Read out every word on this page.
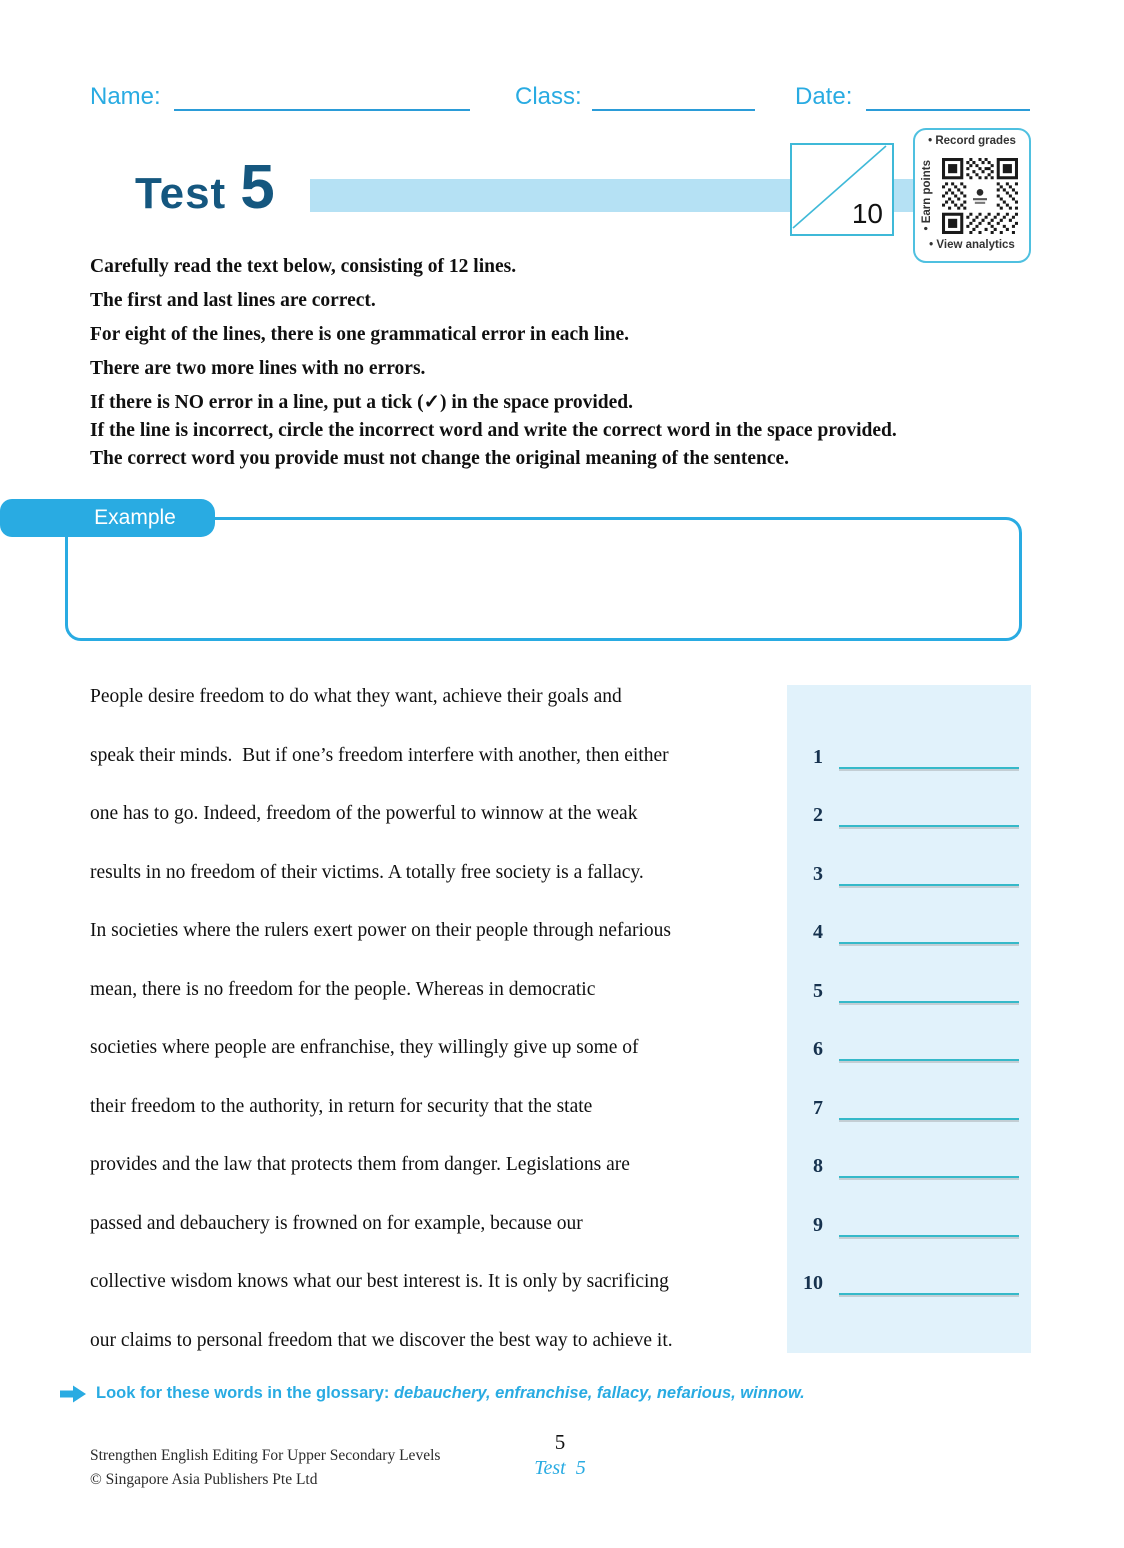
Name:	Class:	Date:
Test 5	10
• Record grades
• Earn points
• View analytics
Carefully read the text below, consisting of 12 lines.
The first and last lines are correct.
For eight of the lines, there is one grammatical error in each line.
There are two more lines with no errors.
If there is NO error in a line, put a tick (✓) in the space provided.
If the line is incorrect, circle the incorrect word and write the correct word in the space provided.
The correct word you provide must not change the original meaning of the sentence.
Example
People desire freedom to do what they want, achieve their goals and
speak their minds.  But if one’s freedom interfere with another, then either
one has to go. Indeed, freedom of the powerful to winnow at the weak
results in no freedom of their victims. A totally free society is a fallacy.
In societies where the rulers exert power on their people through nefarious
mean, there is no freedom for the people. Whereas in democratic
societies where people are enfranchise, they willingly give up some of
their freedom to the authority, in return for security that the state
provides and the law that protects them from danger. Legislations are
passed and debauchery is frowned on for example, because our
collective wisdom knows what our best interest is. It is only by sacrificing
our claims to personal freedom that we discover the best way to achieve it.
1
2
3
4
5
6
7
8
9
10
Look for these words in the glossary: debauchery, enfranchise, fallacy, nefarious, winnow.
Strengthen English Editing For Upper Secondary Levels
© Singapore Asia Publishers Pte Ltd
5
Test  5
